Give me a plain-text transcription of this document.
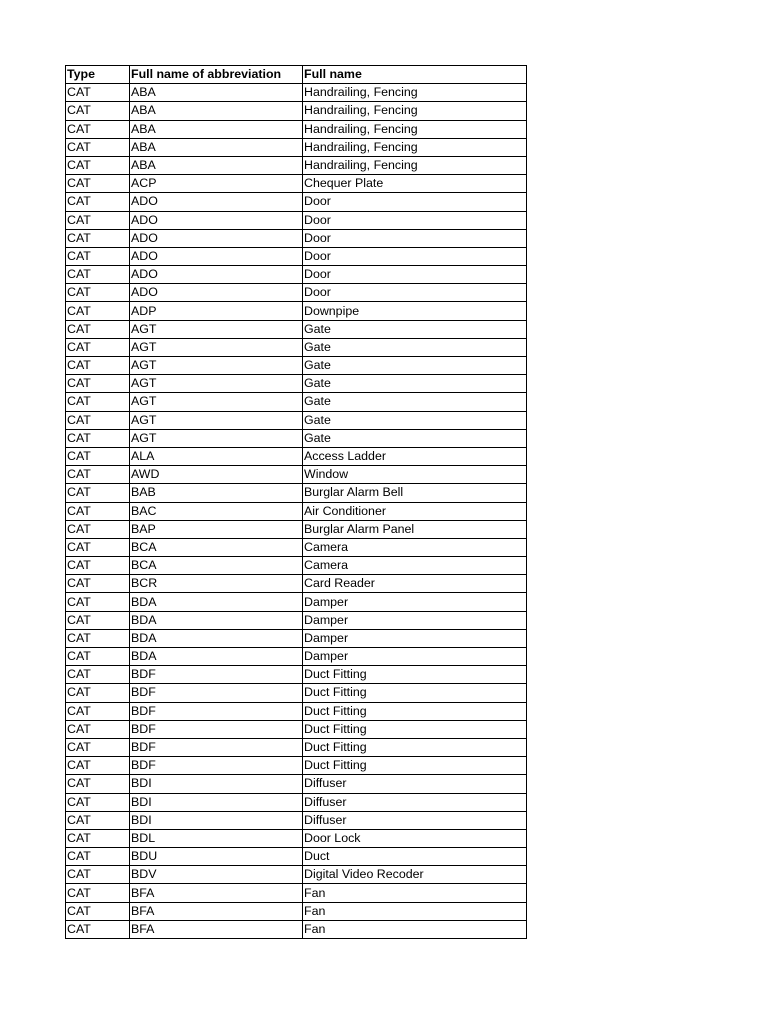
Type	Full name of abbreviation	Full name
CAT	ABA	Handrailing, Fencing
CAT	ABA	Handrailing, Fencing
CAT	ABA	Handrailing, Fencing
CAT	ABA	Handrailing, Fencing
CAT	ABA	Handrailing, Fencing
CAT	ACP	Chequer Plate
CAT	ADO	Door
CAT	ADO	Door
CAT	ADO	Door
CAT	ADO	Door
CAT	ADO	Door
CAT	ADO	Door
CAT	ADP	Downpipe
CAT	AGT	Gate
CAT	AGT	Gate
CAT	AGT	Gate
CAT	AGT	Gate
CAT	AGT	Gate
CAT	AGT	Gate
CAT	AGT	Gate
CAT	ALA	Access Ladder
CAT	AWD	Window
CAT	BAB	Burglar Alarm Bell
CAT	BAC	Air Conditioner
CAT	BAP	Burglar Alarm Panel
CAT	BCA	Camera
CAT	BCA	Camera
CAT	BCR	Card Reader
CAT	BDA	Damper
CAT	BDA	Damper
CAT	BDA	Damper
CAT	BDA	Damper
CAT	BDF	Duct Fitting
CAT	BDF	Duct Fitting
CAT	BDF	Duct Fitting
CAT	BDF	Duct Fitting
CAT	BDF	Duct Fitting
CAT	BDF	Duct Fitting
CAT	BDI	Diffuser
CAT	BDI	Diffuser
CAT	BDI	Diffuser
CAT	BDL	Door Lock
CAT	BDU	Duct
CAT	BDV	Digital Video Recoder
CAT	BFA	Fan
CAT	BFA	Fan
CAT	BFA	Fan
